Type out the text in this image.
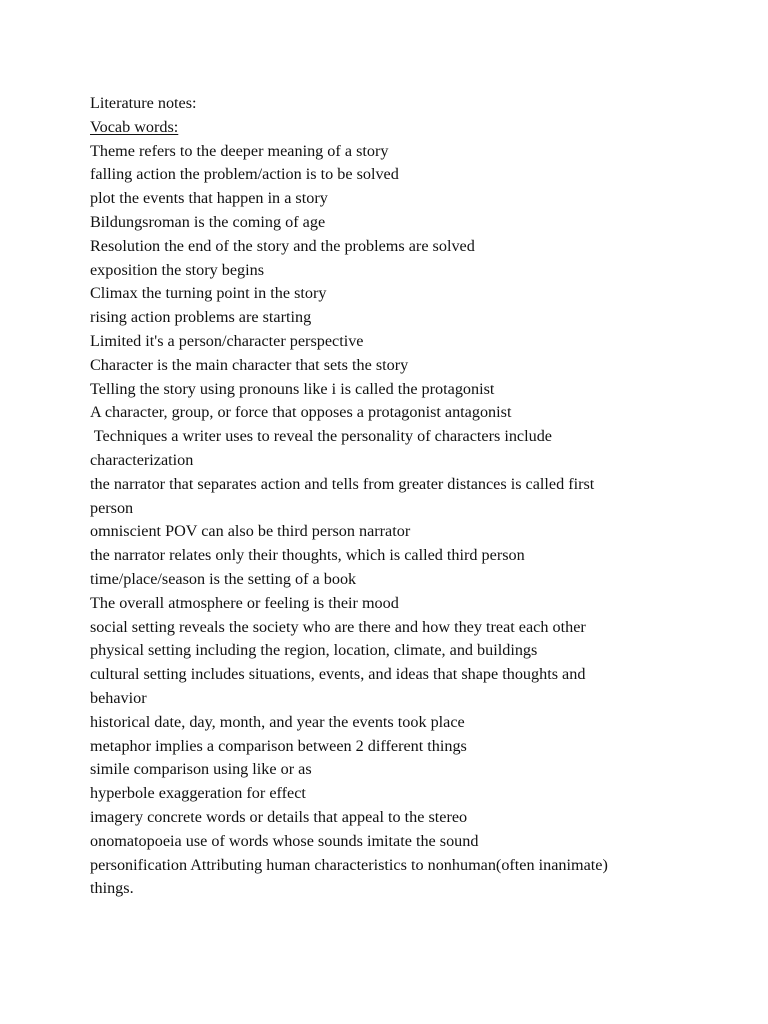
Literature notes:
Vocab words:
Theme refers to the deeper meaning of a story
falling action the problem/action is to be solved
plot the events that happen in a story
Bildungsroman is the coming of age
Resolution the end of the story and the problems are solved
exposition the story begins
Climax the turning point in the story
rising action problems are starting
Limited it's a person/character perspective
Character is the main character that sets the story
Telling the story using pronouns like i is called the protagonist
A character, group, or force that opposes a protagonist antagonist
Techniques a writer uses to reveal the personality of characters include
characterization
the narrator that separates action and tells from greater distances is called first
person
omniscient POV can also be third person narrator
the narrator relates only their thoughts, which is called third person
time/place/season is the setting of a book
The overall atmosphere or feeling is their mood
social setting reveals the society who are there and how they treat each other
physical setting including the region, location, climate, and buildings
cultural setting includes situations, events, and ideas that shape thoughts and
behavior
historical date, day, month, and year the events took place
metaphor implies a comparison between 2 different things
simile comparison using like or as
hyperbole exaggeration for effect
imagery concrete words or details that appeal to the stereo
onomatopoeia use of words whose sounds imitate the sound
personification Attributing human characteristics to nonhuman(often inanimate)
things.
